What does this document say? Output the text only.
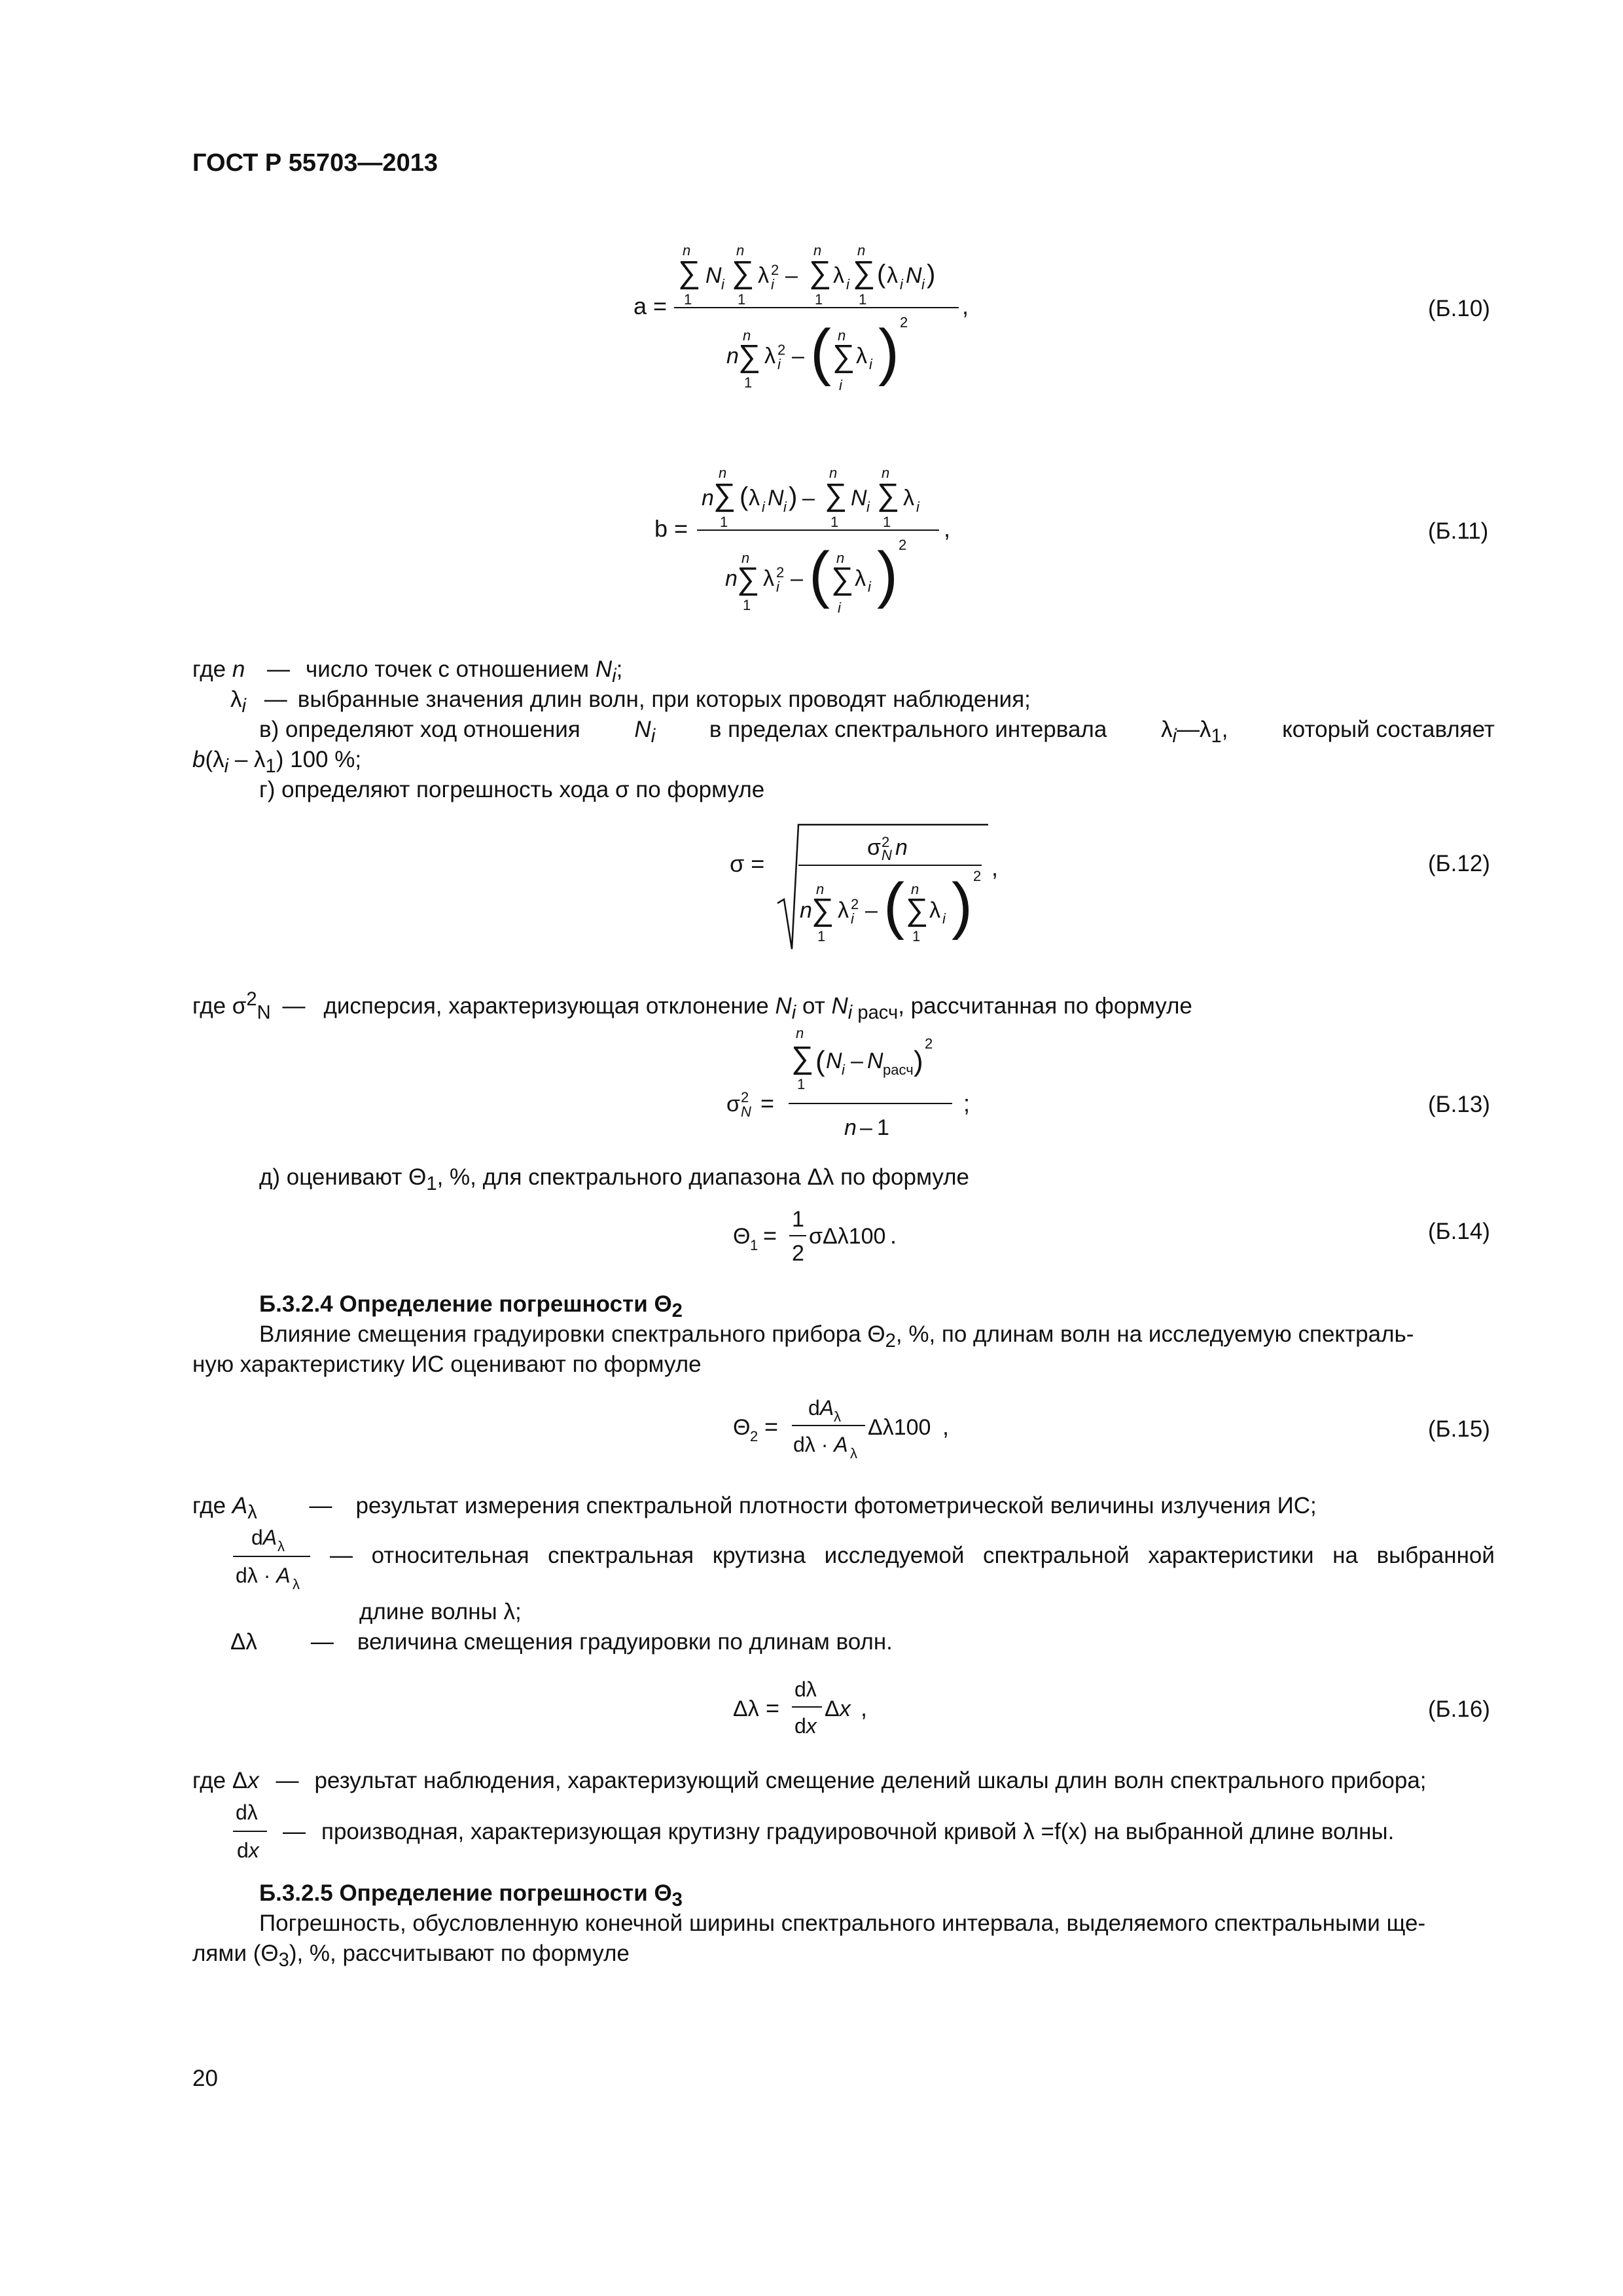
ГОСТ Р 55703—2013
a =
n
∑
1
N i
n
∑
1
λ 2
i –
n
∑
1
λ i
n
∑
1
( λ i N i )
,
n
n
∑
1
λ 2
i – ( n
∑
i
λ i ) 2
(Б.10)
b =
n
n
∑
1
( λ i N i ) –
n
∑
1
N i
n
∑
1
λ i
,
n
n
∑
1
λ 2
i – ( n
∑
i
λ i ) 2
(Б.11)
где n — число точек с отношением $N_i$;
$\lambda_i$ — выбранные значения длин волн, при которых проводят наблюдения;
в) определяют ход отношения $N_i$ в пределах спектрального интервала $\lambda_i—\lambda_1$, который составляет
$b(\lambda_i - \lambda_1)$ 100 %;
г) определяют погрешность хода σ по формуле
σ =
σ 2
N n
n
n
∑
1
λ 2
i – ( n
∑
1
λ i ) 2 ,	(Б.12)
где $\sigma^2_N$ — дисперсия, характеризующая отклонение $N_i$ от $N_{i расч}$, рассчитанная по формуле
σ 2
N =
n
∑
1
( N i – N расч )
2
;
n – 1
(Б.13)
д) оценивают $\Theta_1$, %, для спектрального диапазона Δλ по формуле
Θ 1 =
1
2
σΔλ100 .	(Б.14)
Б.3.2.4 Определение погрешности $\Theta_2$
Влияние смещения градуировки спектрального прибора $\Theta_2$, %, по длинам волн на исследуемую спектраль-
ную характеристику ИС оценивают по формуле
Θ 2 =
dA λ
dλ · A λ
Δλ100 ,	(Б.15)
где $A_\lambda$ — результат измерения спектральной плотности фотометрической величины излучения ИС;
dA λ
dλ · A λ
— относительная спектральная крутизна исследуемой спектральной характеристики на выбранной
длине волны λ;
Δλ — величина смещения градуировки по длинам волн.
Δλ =
dλ
dx
Δx ,	(Б.16)
где Δx — результат наблюдения, характеризующий смещение делений шкалы длин волн спектрального прибора;
dλ
dx
— производная, характеризующая крутизну градуировочной кривой λ =f(x) на выбранной длине волны.
Б.3.2.5 Определение погрешности $\Theta_3$
Погрешность, обусловленную конечной ширины спектрального интервала, выделяемого спектральными ще-
лями $(\Theta_3)$, %, рассчитывают по формуле
20
